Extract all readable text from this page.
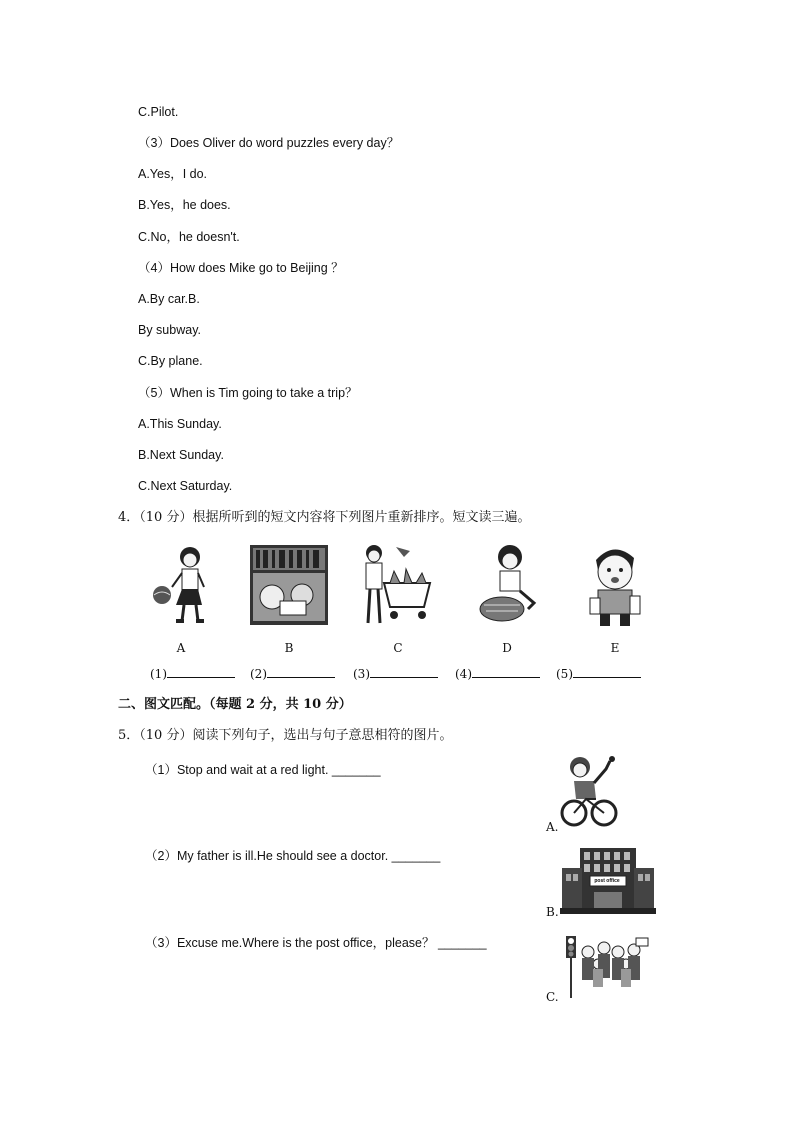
C.Pilot.
（3）Does Oliver do word puzzles every day？
A.Yes，I do.
B.Yes，he does.
C.No，he doesn't.
（4）How does Mike go to Beijing ？
A.By car.B.
By subway.
C.By plane.
（5）When is Tim going to take a trip？
A.This Sunday.
B.Next Sunday.
C.Next Saturday.
4．（10 分）根据所听到的短文内容将下列图片重新排序。短文读三遍。
A	B	C	D	E
(1)	(2)	(3)	(4)	(5)
二、图文匹配。（每题 2 分，共 10 分）
5．（10 分）阅读下列句子，选出与句子意思相符的图片。
（1）Stop and wait at a red light. _______
（2）My father is ill.He should see a doctor. _______
（3）Excuse me.Where is the post office，please？ _______
A.
post office
B.
C.
